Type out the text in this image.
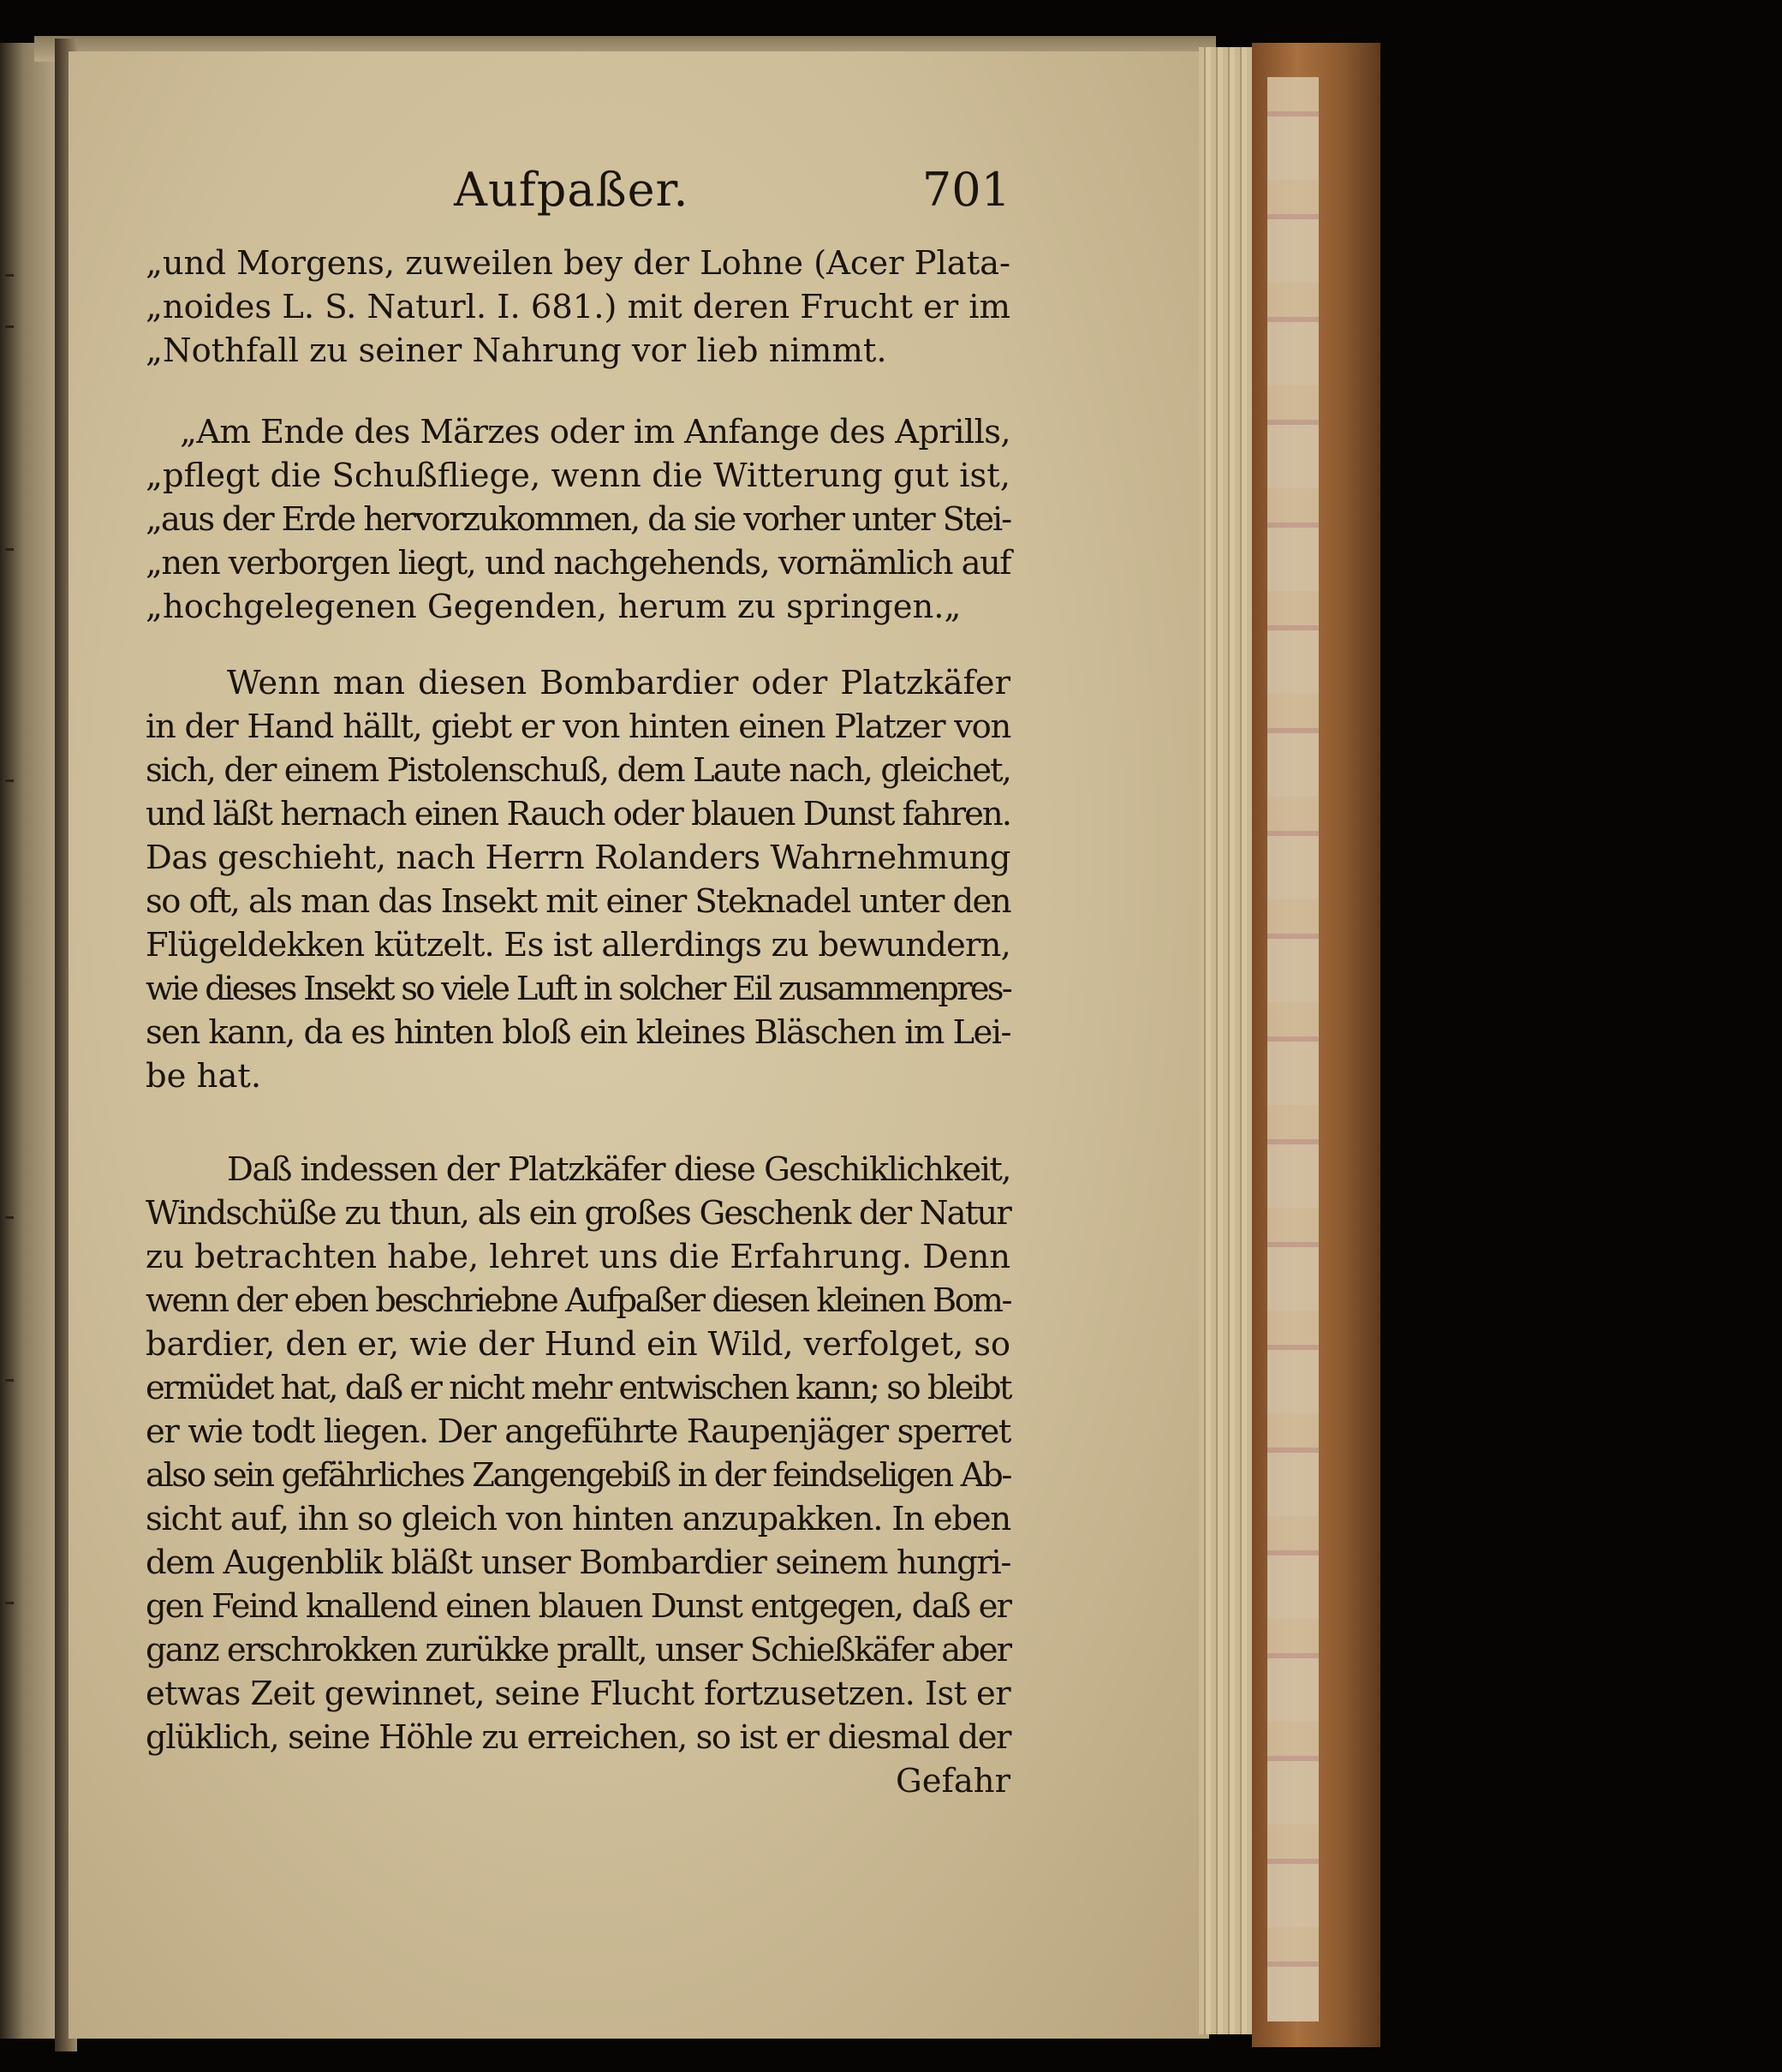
Aufpaßer.	701

„und Morgens, zuweilen bey der Lohne (Acer Plata-
„noides L. S. Naturl. I. 681.) mit deren Frucht er im
„Nothfall zu seiner Nahrung vor lieb nimmt.

„Am Ende des Märzes oder im Anfange des Aprills,
„pflegt die Schußfliege, wenn die Witterung gut ist,
„aus der Erde hervorzukommen, da sie vorher unter Stei-
„nen verborgen liegt, und nachgehends, vornämlich auf
„hochgelegenen Gegenden, herum zu springen.„

Wenn man diesen Bombardier oder Platzkäfer
in der Hand hällt, giebt er von hinten einen Platzer von
sich, der einem Pistolenschuß, dem Laute nach, gleichet,
und läßt hernach einen Rauch oder blauen Dunst fahren.
Das geschieht, nach Herrn Rolanders Wahrnehmung
so oft, als man das Insekt mit einer Steknadel unter den
Flügeldekken kützelt. Es ist allerdings zu bewundern,
wie dieses Insekt so viele Luft in solcher Eil zusammenpres-
sen kann, da es hinten bloß ein kleines Bläschen im Lei-
be hat.

Daß indessen der Platzkäfer diese Geschiklichkeit,
Windschüße zu thun, als ein großes Geschenk der Natur
zu betrachten habe, lehret uns die Erfahrung. Denn
wenn der eben beschriebne Aufpaßer diesen kleinen Bom-
bardier, den er, wie der Hund ein Wild, verfolget, so
ermüdet hat, daß er nicht mehr entwischen kann; so bleibt
er wie todt liegen. Der angeführte Raupenjäger sperret
also sein gefährliches Zangengebiß in der feindseligen Ab-
sicht auf, ihn so gleich von hinten anzupakken. In eben
dem Augenblik bläßt unser Bombardier seinem hungri-
gen Feind knallend einen blauen Dunst entgegen, daß er
ganz erschrokken zurükke prallt, unser Schießkäfer aber
etwas Zeit gewinnet, seine Flucht fortzusetzen. Ist er
glüklich, seine Höhle zu erreichen, so ist er diesmal der
Gefahr
